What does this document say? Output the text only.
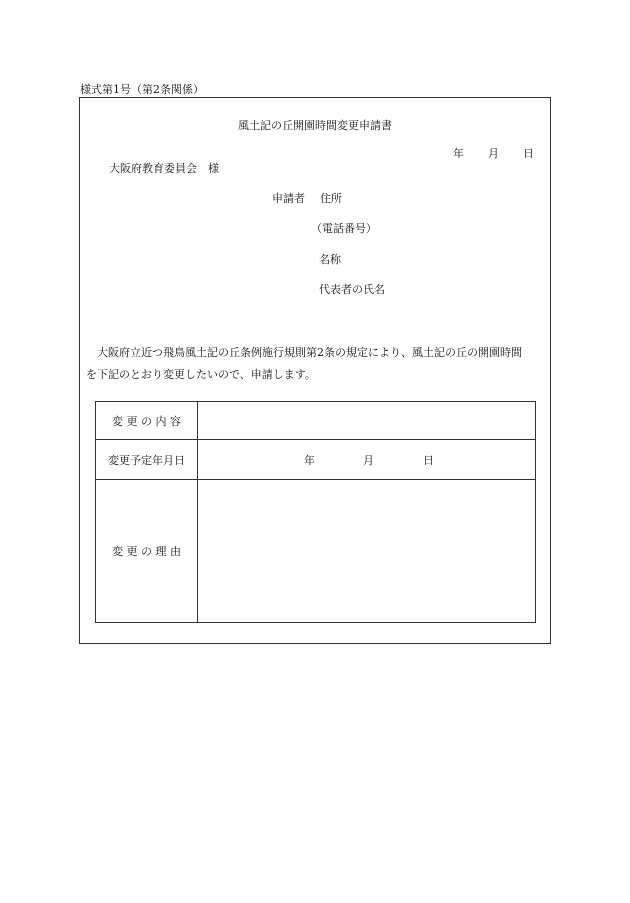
様式第1号（第2条関係）
風土記の丘開園時間変更申請書
年 月 日
大阪府教育委員会　様
申請者 住所
（電話番号）
名称
代表者の氏名

　大阪府立近つ飛鳥風土記の丘条例施行規則第2条の規定により、風土記の丘の開園時間

を下記のとおり変更したいので、申請します。

変 更 の 内 容	
変更予定年月日	年 月 日

変 更 の 理 由	
